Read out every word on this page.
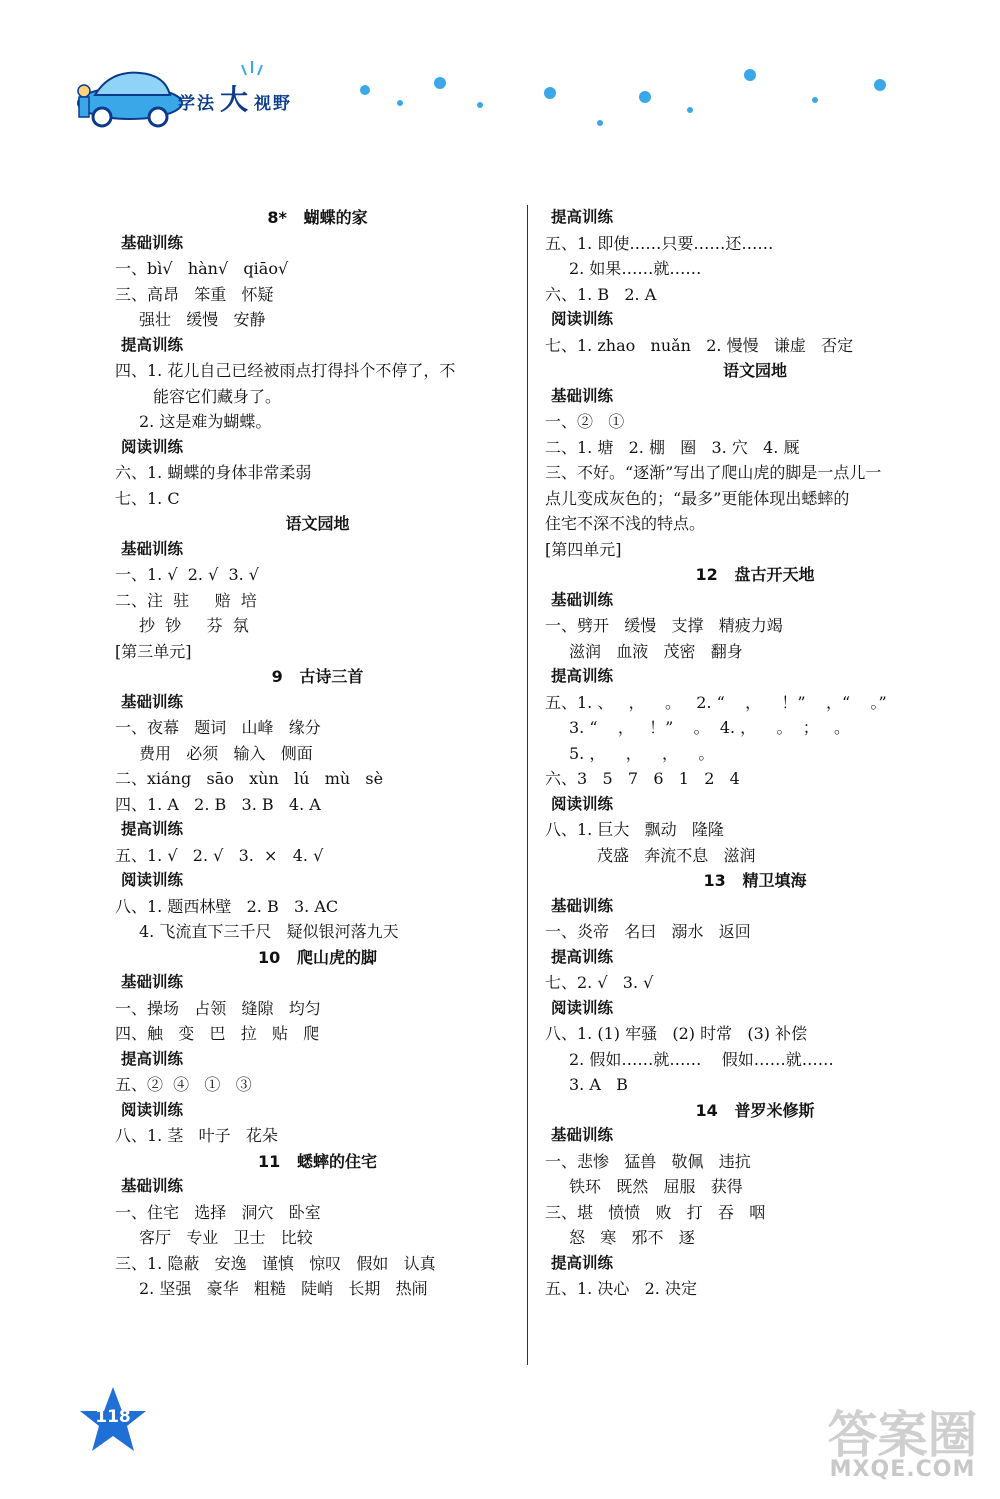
学法 大 视野
8*   蝴蝶的家
基础训练
一、bì√   hàn√   qiāo√
三、高昂   笨重   怀疑
强壮   缓慢   安静
提高训练
四、1. 花儿自己已经被雨点打得抖个不停了，不
能容它们藏身了。
2. 这是难为蝴蝶。
阅读训练
六、1. 蝴蝶的身体非常柔弱
七、1. C
语文园地
基础训练
一、1. √  2. √  3. √
二、注  驻     赔  培
抄  钞     芬  氛
[第三单元]
9   古诗三首
基础训练
一、夜幕   题词   山峰   缘分
费用   必须   输入   侧面
二、xiáng   sāo   xùn   lú   mù   sè
四、1. A   2. B   3. B   4. A
提高训练
五、1. √   2. √   3.  ×   4. √
阅读训练
八、1. 题西林壁   2. B   3. AC
4. 飞流直下三千尺   疑似银河落九天
10   爬山虎的脚
基础训练
一、操场   占领   缝隙   均匀
四、触   变   巴   拉   贴   爬
提高训练
五、②  ④   ①   ③
阅读训练
八、1. 茎   叶子   花朵
11   蟋蟀的住宅
基础训练
一、住宅   选择   洞穴   卧室
客厅   专业   卫士   比较
三、1. 隐蔽   安逸   谨慎   惊叹   假如   认真
2. 坚强   豪华   粗糙   陡峭   长期   热闹
提高训练
五、1. 即使……只要……还……
2. 如果……就……
六、1. B   2. A
阅读训练
七、1. zhao   nuǎn   2. 慢慢   谦虚   否定
语文园地
基础训练
一、②   ①
二、1. 塘   2. 棚   圈   3. 穴   4. 厩
三、不好。“逐渐”写出了爬山虎的脚是一点儿一
点儿变成灰色的；“最多”更能体现出蟋蟀的
住宅不深不浅的特点。
[第四单元]
12   盘古开天地
基础训练
一、劈开   缓慢   支撑   精疲力竭
滋润   血液   茂密   翻身
提高训练
五、1. 、   ，    。   2. “    ，    ！”    ，“    。”
3. “    ，   ！”    。  4. ，    。  ；   。
5. ，    ，    ，    。
六、3   5   7   6   1   2   4
阅读训练
八、1. 巨大   飘动   隆隆
茂盛   奔流不息   滋润
13   精卫填海
基础训练
一、炎帝   名曰   溺水   返回
提高训练
七、2. √   3. √
阅读训练
八、1. (1) 牢骚   (2) 时常   (3) 补偿
2. 假如……就……    假如……就……
3. A   B
14   普罗米修斯
基础训练
一、悲惨   猛兽   敬佩   违抗
铁环   既然   屈服   获得
三、堪   愤愤   败   打   吞   咽
怒   寒   邪不   逐
提高训练
五、1. 决心   2. 决定
118	答案圈
MXQE.COM
